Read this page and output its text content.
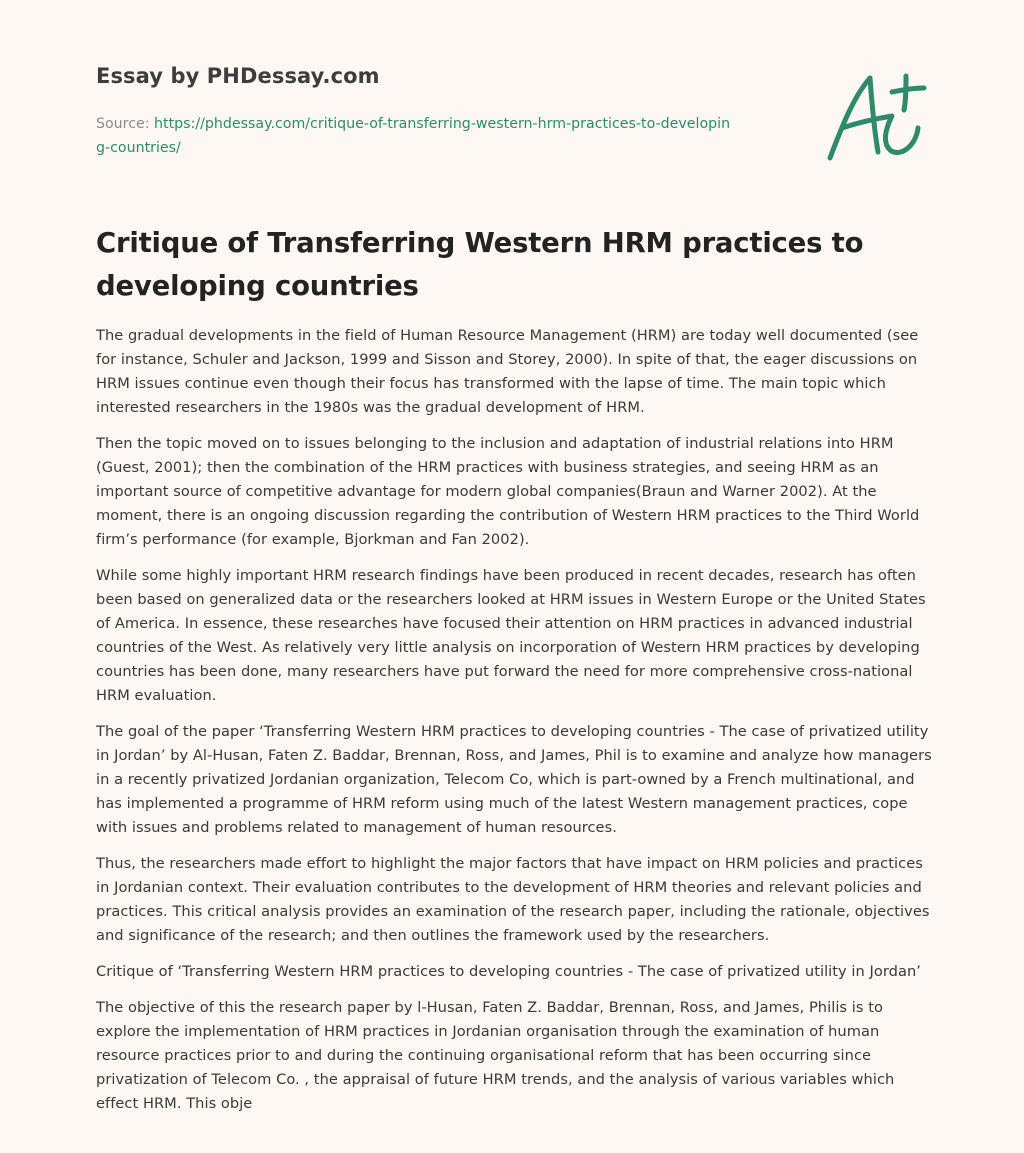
Essay by PHDessay.com
Source: https://phdessay.com/critique-of-transferring-western-hrm-practices-to-developing-countries/
Critique of Transferring Western HRM practices to developing countries

The gradual developments in the field of Human Resource Management (HRM) are today well documented (see for instance, Schuler and Jackson, 1999 and Sisson and Storey, 2000). In spite of that, the eager discussions on HRM issues continue even though their focus has transformed with the lapse of time. The main topic which interested researchers in the 1980s was the gradual development of HRM.

Then the topic moved on to issues belonging to the inclusion and adaptation of industrial relations into HRM (Guest, 2001); then the combination of the HRM practices with business strategies, and seeing HRM as an important source of competitive advantage for modern global companies(Braun and Warner 2002). At the moment, there is an ongoing discussion regarding the contribution of Western HRM practices to the Third World firm’s performance (for example, Bjorkman and Fan 2002).

While some highly important HRM research findings have been produced in recent decades, research has often been based on generalized data or the researchers looked at HRM issues in Western Europe or the United States of America. In essence, these researches have focused their attention on HRM practices in advanced industrial countries of the West. As relatively very little analysis on incorporation of Western HRM practices by developing countries has been done, many researchers have put forward the need for more comprehensive cross-national HRM evaluation.

The goal of the paper ‘Transferring Western HRM practices to developing countries - The case of privatized utility in Jordan’ by Al-Husan, Faten Z. Baddar, Brennan, Ross, and James, Phil is to examine and analyze how managers in a recently privatized Jordanian organization, Telecom Co, which is part-owned by a French multinational, and has implemented a programme of HRM reform using much of the latest Western management practices, cope with issues and problems related to management of human resources.

Thus, the researchers made effort to highlight the major factors that have impact on HRM policies and practices in Jordanian context. Their evaluation contributes to the development of HRM theories and relevant policies and practices. This critical analysis provides an examination of the research paper, including the rationale, objectives and significance of the research; and then outlines the framework used by the researchers.

Critique of ‘Transferring Western HRM practices to developing countries - The case of privatized utility in Jordan’

The objective of this the research paper by l-Husan, Faten Z. Baddar, Brennan, Ross, and James, Philis is to explore the implementation of HRM practices in Jordanian organisation through the examination of human resource practices prior to and during the continuing organisational reform that has been occurring since privatization of Telecom Co. , the appraisal of future HRM trends, and the analysis of various variables which effect HRM. This obje
